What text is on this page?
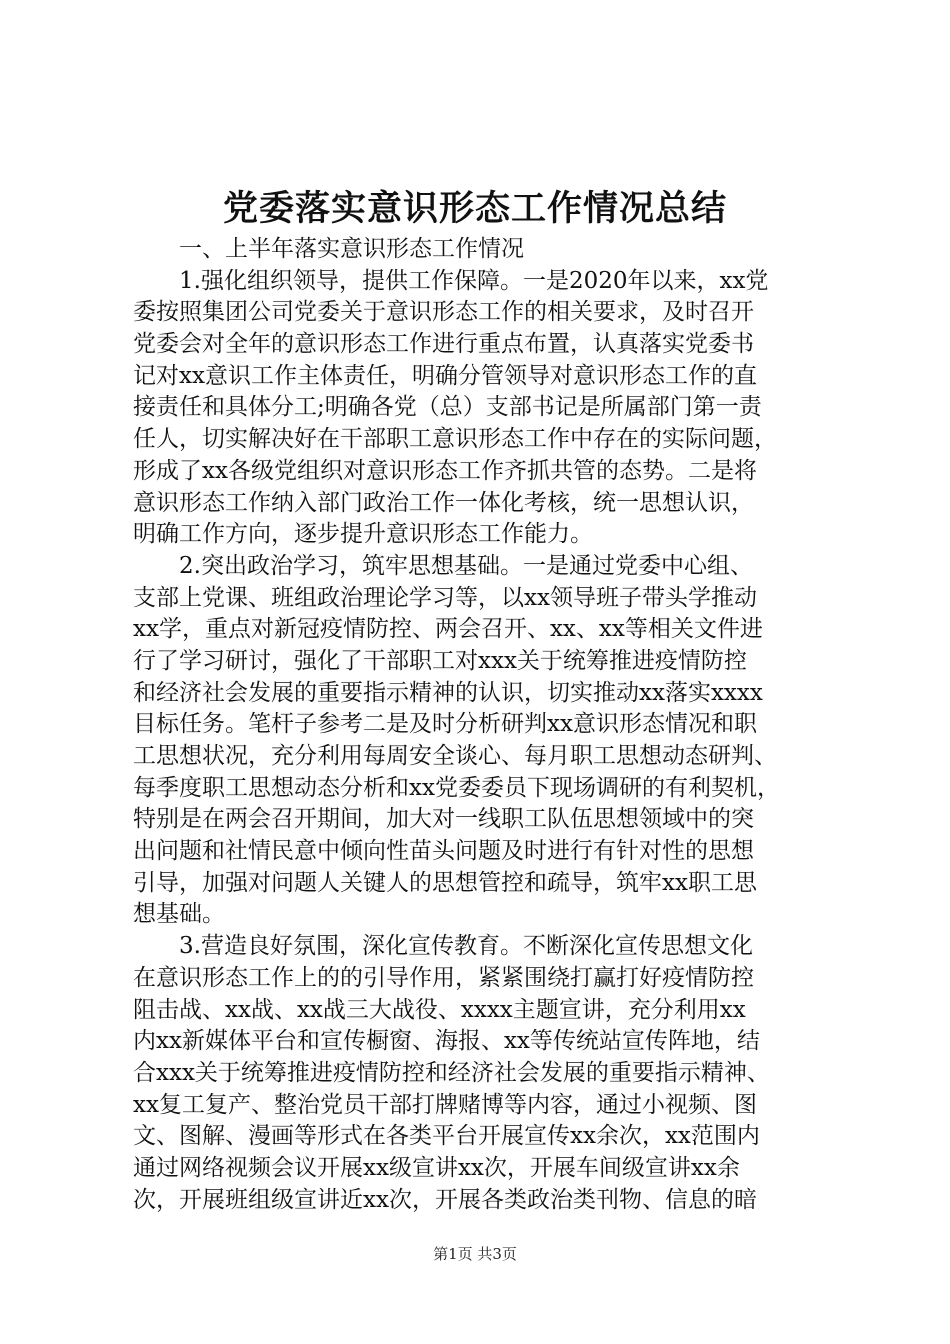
党委落实意识形态工作情况总结
一、上半年落实意识形态工作情况
1.强化组织领导，提供工作保障。一是2020年以来，xx党
委按照集团公司党委关于意识形态工作的相关要求，及时召开
党委会对全年的意识形态工作进行重点布置，认真落实党委书
记对xx意识工作主体责任，明确分管领导对意识形态工作的直
接责任和具体分工;明确各党（总）支部书记是所属部门第一责
任人，切实解决好在干部职工意识形态工作中存在的实际问题，
形成了xx各级党组织对意识形态工作齐抓共管的态势。二是将
意识形态工作纳入部门政治工作一体化考核，统一思想认识，
明确工作方向，逐步提升意识形态工作能力。
2.突出政治学习，筑牢思想基础。一是通过党委中心组、
支部上党课、班组政治理论学习等，以xx领导班子带头学推动
xx学，重点对新冠疫情防控、两会召开、xx、xx等相关文件进
行了学习研讨，强化了干部职工对xxx关于统筹推进疫情防控
和经济社会发展的重要指示精神的认识，切实推动xx落实xxxx
目标任务。笔杆子参考二是及时分析研判xx意识形态情况和职
工思想状况，充分利用每周安全谈心、每月职工思想动态研判、
每季度职工思想动态分析和xx党委委员下现场调研的有利契机，
特别是在两会召开期间，加大对一线职工队伍思想领域中的突
出问题和社情民意中倾向性苗头问题及时进行有针对性的思想
引导，加强对问题人关键人的思想管控和疏导，筑牢xx职工思
想基础。
3.营造良好氛围，深化宣传教育。不断深化宣传思想文化
在意识形态工作上的的引导作用，紧紧围绕打赢打好疫情防控
阻击战、xx战、xx战三大战役、xxxx主题宣讲，充分利用xx
内xx新媒体平台和宣传橱窗、海报、xx等传统站宣传阵地，结
合xxx关于统筹推进疫情防控和经济社会发展的重要指示精神、
xx复工复产、整治党员干部打牌赌博等内容，通过小视频、图
文、图解、漫画等形式在各类平台开展宣传xx余次，xx范围内
通过网络视频会议开展xx级宣讲xx次，开展车间级宣讲xx余
次，开展班组级宣讲近xx次，开展各类政治类刊物、信息的暗
第1页 共3页
